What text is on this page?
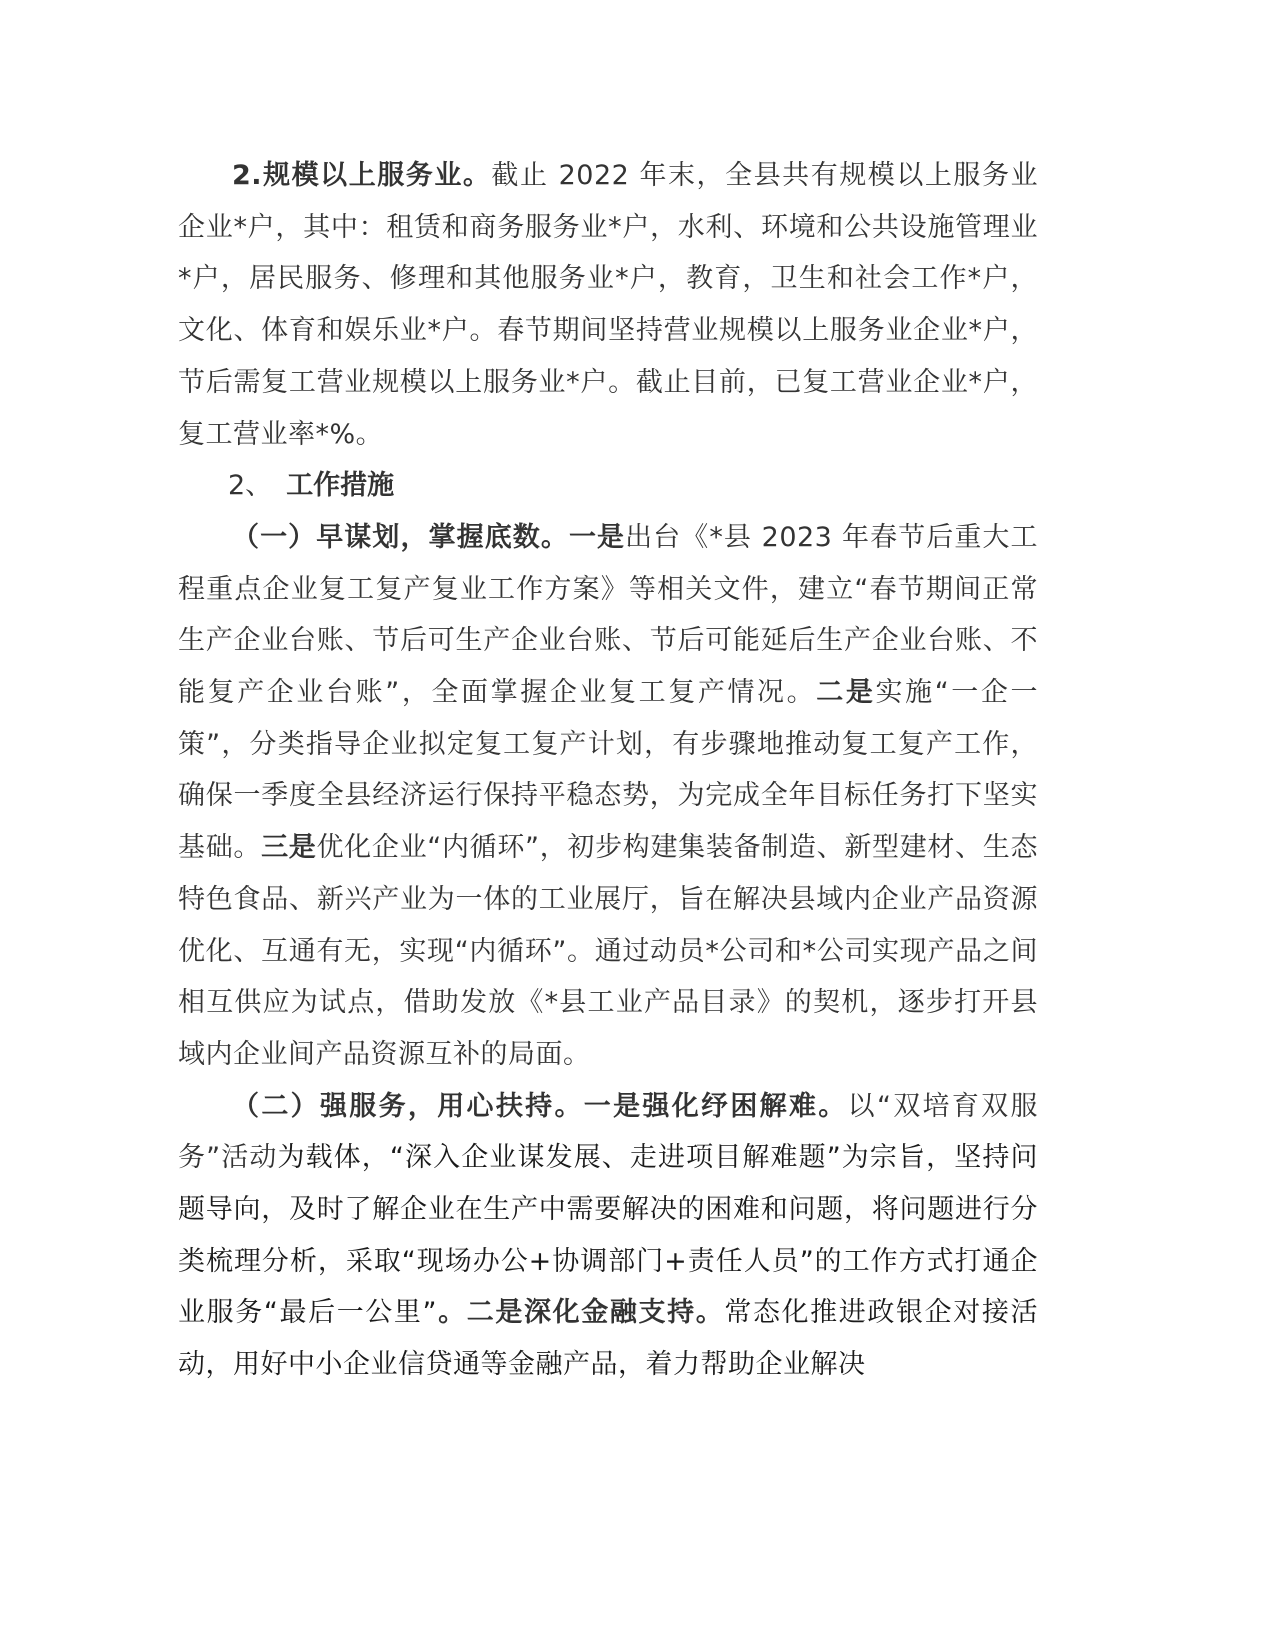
2.规模以上服务业。截止 2022 年末，全县共有规模以上服务业企业*户，其中：租赁和商务服务业*户，水利、环境和公共设施管理业*户，居民服务、修理和其他服务业*户，教育，卫生和社会工作*户，文化、体育和娱乐业*户。春节期间坚持营业规模以上服务业企业*户，节后需复工营业规模以上服务业*户。截止目前，已复工营业企业*户，复工营业率*%。

2、 工作措施

（一）早谋划，掌握底数。一是出台《*县 2023 年春节后重大工程重点企业复工复产复业工作方案》等相关文件，建立“春节期间正常生产企业台账、节后可生产企业台账、节后可能延后生产企业台账、不能复产企业台账”，全面掌握企业复工复产情况。二是实施“一企一策”，分类指导企业拟定复工复产计划，有步骤地推动复工复产工作，确保一季度全县经济运行保持平稳态势，为完成全年目标任务打下坚实基础。三是优化企业“内循环”，初步构建集装备制造、新型建材、生态特色食品、新兴产业为一体的工业展厅，旨在解决县域内企业产品资源优化、互通有无，实现“内循环”。通过动员*公司和*公司实现产品之间相互供应为试点，借助发放《*县工业产品目录》的契机，逐步打开县域内企业间产品资源互补的局面。

（二）强服务，用心扶持。一是强化纾困解难。以“双培育双服务”活动为载体，“深入企业谋发展、走进项目解难题”为宗旨，坚持问题导向，及时了解企业在生产中需要解决的困难和问题，将问题进行分类梳理分析，采取“现场办公+协调部门+责任人员”的工作方式打通企业服务“最后一公里”。二是深化金融支持。常态化推进政银企对接活动，用好中小企业信贷通等金融产品，着力帮助企业解决
